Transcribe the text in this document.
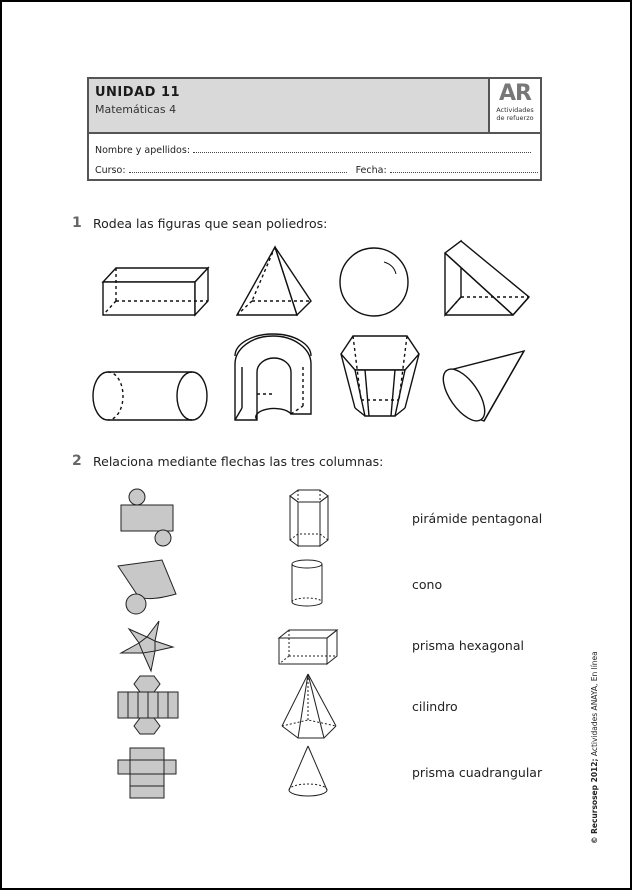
UNIDAD 11
Matemáticas 4
AR
Actividades
de refuerzo
Nombre y apellidos:
Curso:	Fecha:
1 Rodea las figuras que sean poliedros:
2 Relaciona mediante flechas las tres columnas:
pirámide pentagonal
cono
prisma hexagonal
cilindro
prisma cuadrangular	© Recursosep 2012; Actividades ANAYA, En línea
